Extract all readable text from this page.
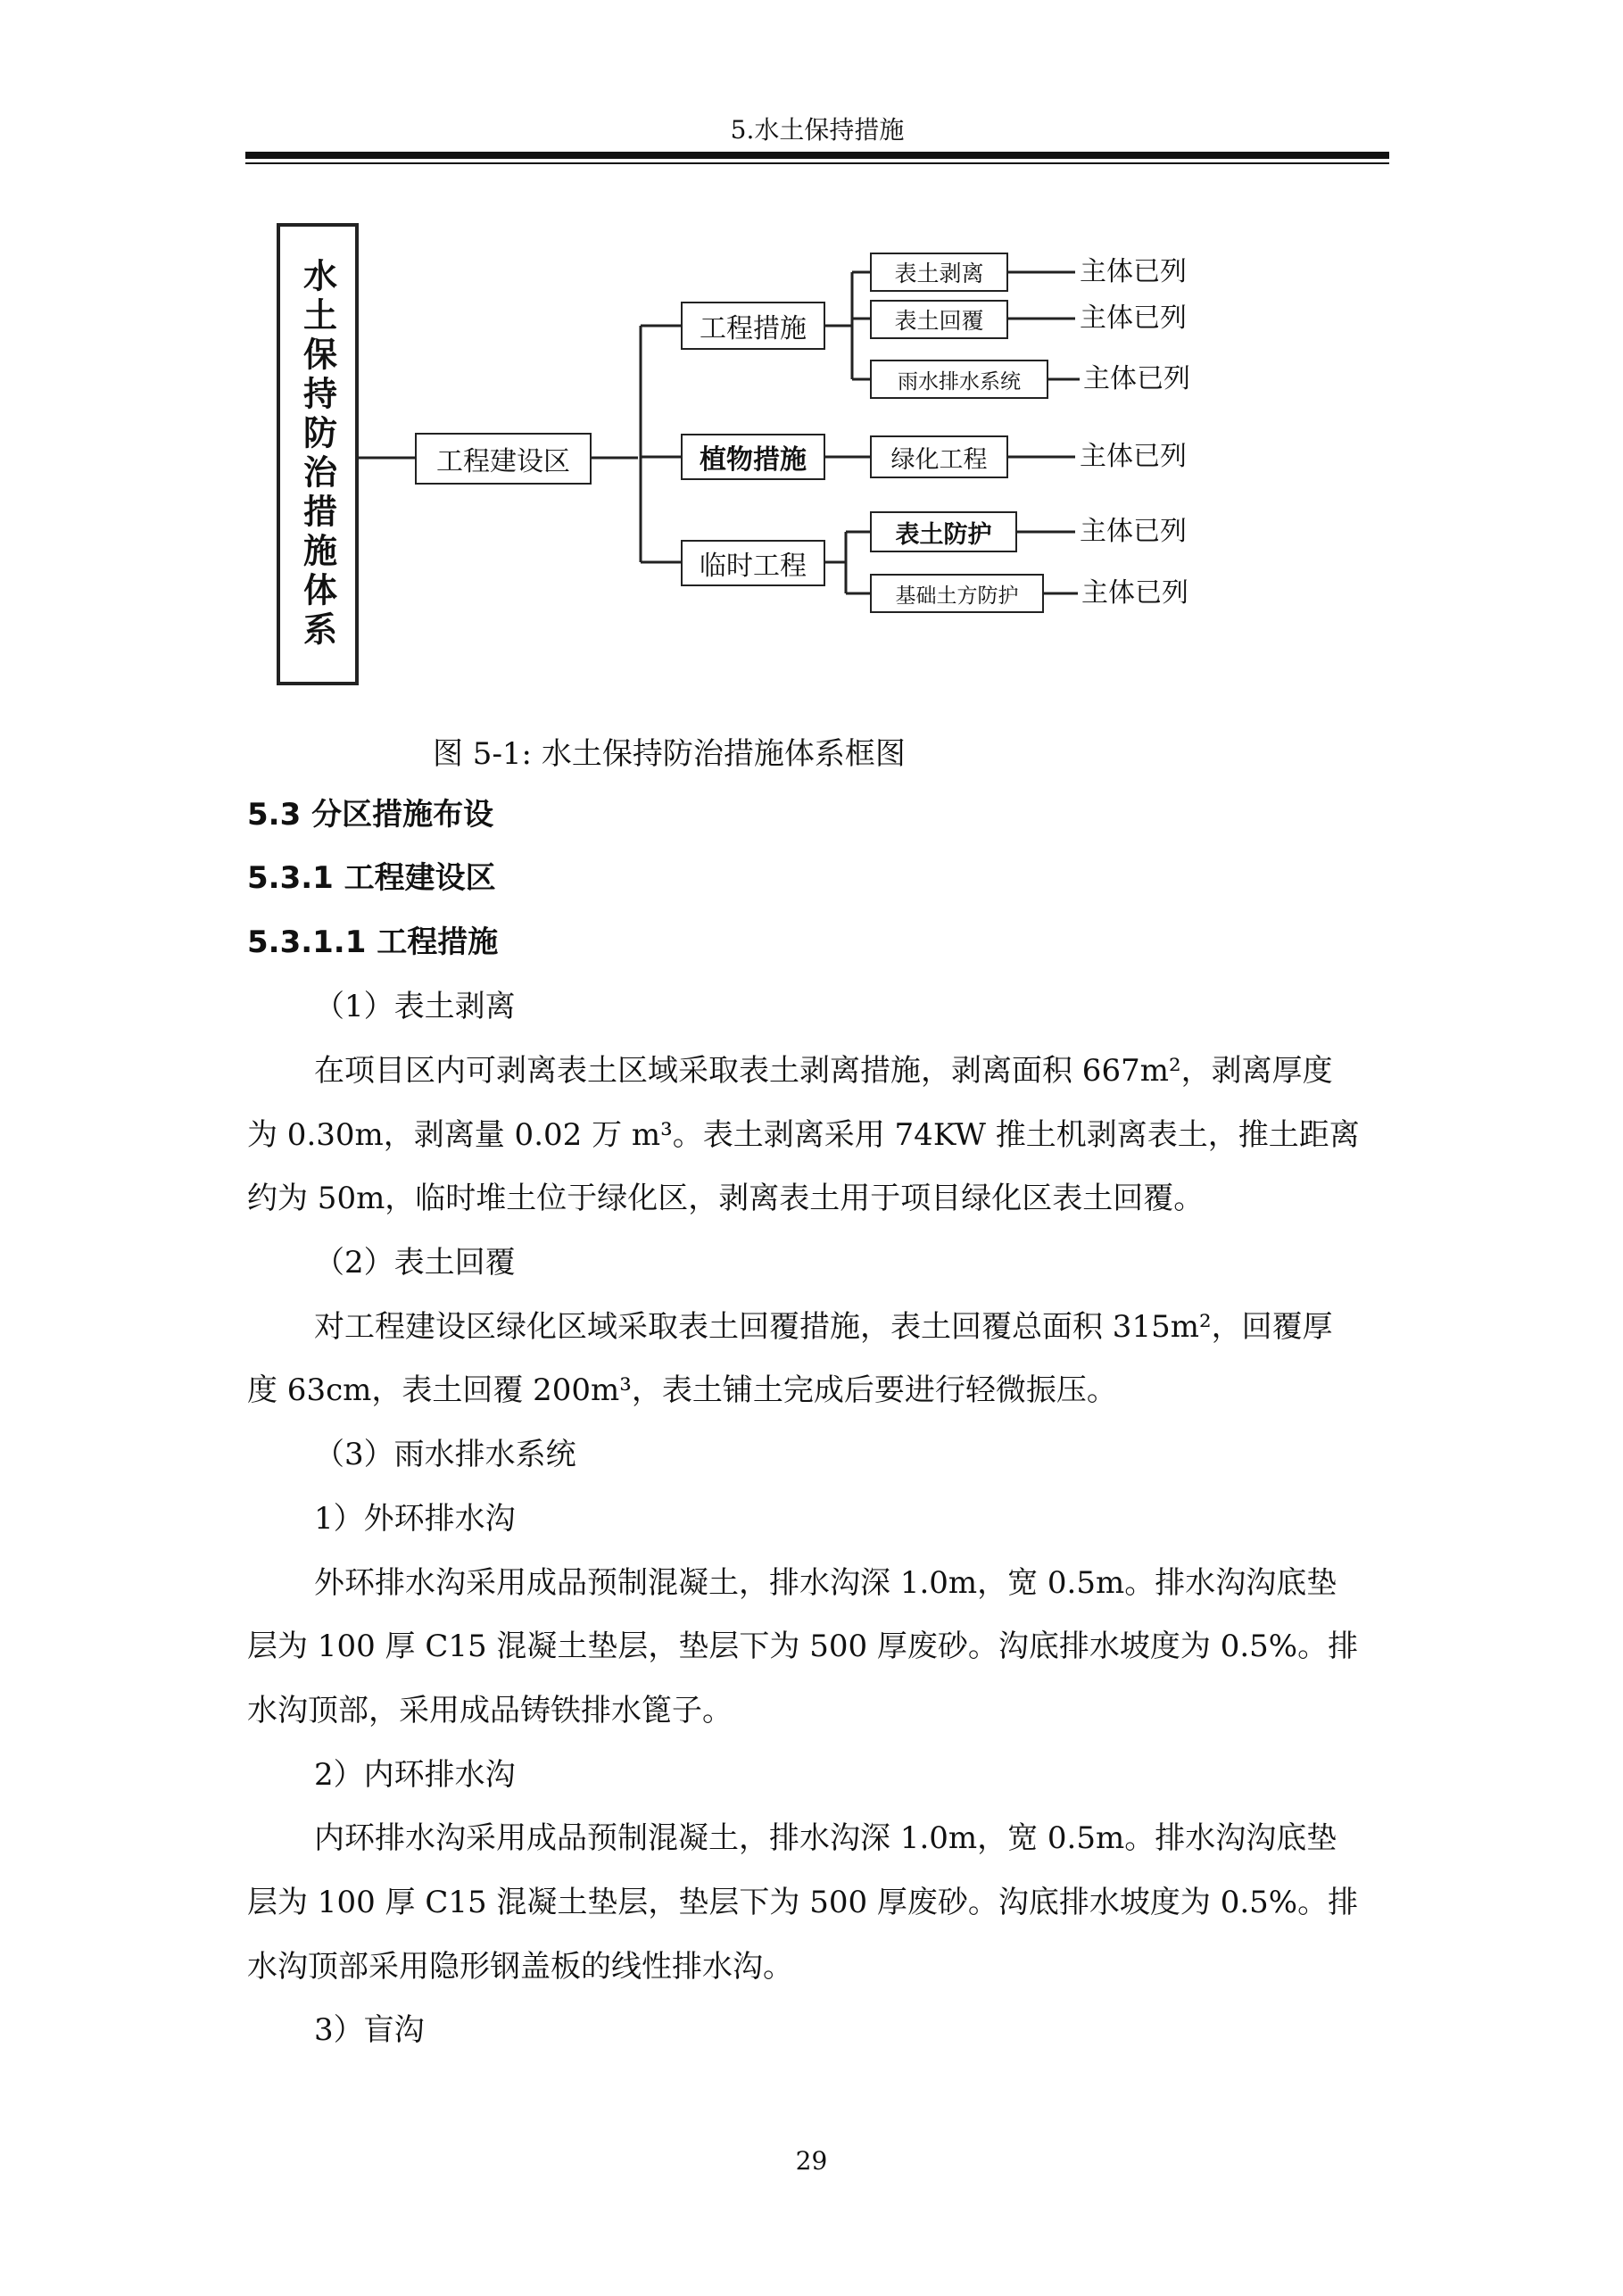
5.水土保持措施
水土保持防治措施体系	工程建设区
工程措施
植物措施
临时工程
表土剥离
表土回覆
雨水排水系统
绿化工程
表土防护
基础土方防护
主体已列
主体已列
主体已列
主体已列
主体已列
主体已列
图 5-1: 水土保持防治措施体系框图
5.3 分区措施布设
5.3.1 工程建设区
5.3.1.1 工程措施
（1）表土剥离
在项目区内可剥离表土区域采取表土剥离措施，剥离面积 667m²，剥离厚度
为 0.30m，剥离量 0.02 万 m³。表土剥离采用 74KW 推土机剥离表土，推土距离
约为 50m，临时堆土位于绿化区，剥离表土用于项目绿化区表土回覆。
（2）表土回覆
对工程建设区绿化区域采取表土回覆措施，表土回覆总面积 315m²，回覆厚
度 63cm，表土回覆 200m³，表土铺土完成后要进行轻微振压。
（3）雨水排水系统
1）外环排水沟
外环排水沟采用成品预制混凝土，排水沟深 1.0m，宽 0.5m。排水沟沟底垫
层为 100 厚 C15 混凝土垫层，垫层下为 500 厚废砂。沟底排水坡度为 0.5%。排
水沟顶部，采用成品铸铁排水篦子。
2）内环排水沟
内环排水沟采用成品预制混凝土，排水沟深 1.0m，宽 0.5m。排水沟沟底垫
层为 100 厚 C15 混凝土垫层，垫层下为 500 厚废砂。沟底排水坡度为 0.5%。排
水沟顶部采用隐形钢盖板的线性排水沟。
3）盲沟
29
